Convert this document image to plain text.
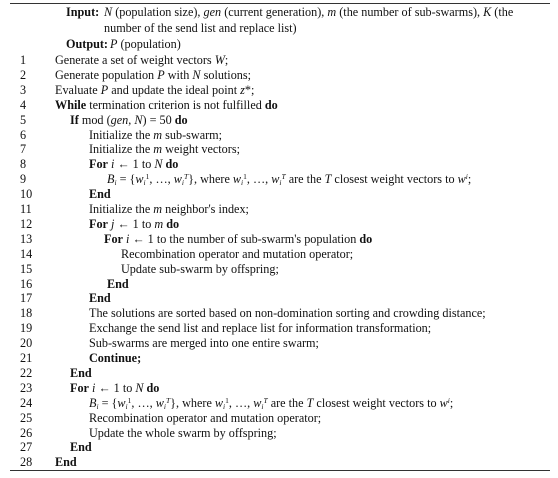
Input: N (population size), gen (current generation), m (the number of sub-swarms), K (the
number of the send list and replace list)
Output: P (population)
1	Generate a set of weight vectors W;
2	Generate population P with N solutions;
3	Evaluate P and update the ideal point z*;
4	While termination criterion is not fulfilled do
5	If mod (gen, N) = 50 do
6	Initialize the m sub-swarm;
7	Initialize the m weight vectors;
8	For i ← 1 to N do
9	$B_i = \{w_i^1$, …, $w_i^T$}, where $w_i^1$, …, $w_i^T$ are the T closest weight vectors to $w^i$;
10	End
11	Initialize the m neighbor's index;
12	For j ← 1 to m do
13	For i ← 1 to the number of sub-swarm's population do
14	Recombination operator and mutation operator;
15	Update sub-swarm by offspring;
16	End
17	End
18	The solutions are sorted based on non-domination sorting and crowding distance;
19	Exchange the send list and replace list for information transformation;
20	Sub-swarms are merged into one entire swarm;
21	Continue;
22	End
23	For i ← 1 to N do
24	$B_i = \{w_i^1$, …, $w_i^T$}, where $w_i^1$, …, $w_i^T$ are the T closest weight vectors to $w^i$;
25	Recombination operator and mutation operator;
26	Update the whole swarm by offspring;
27	End
28	End
